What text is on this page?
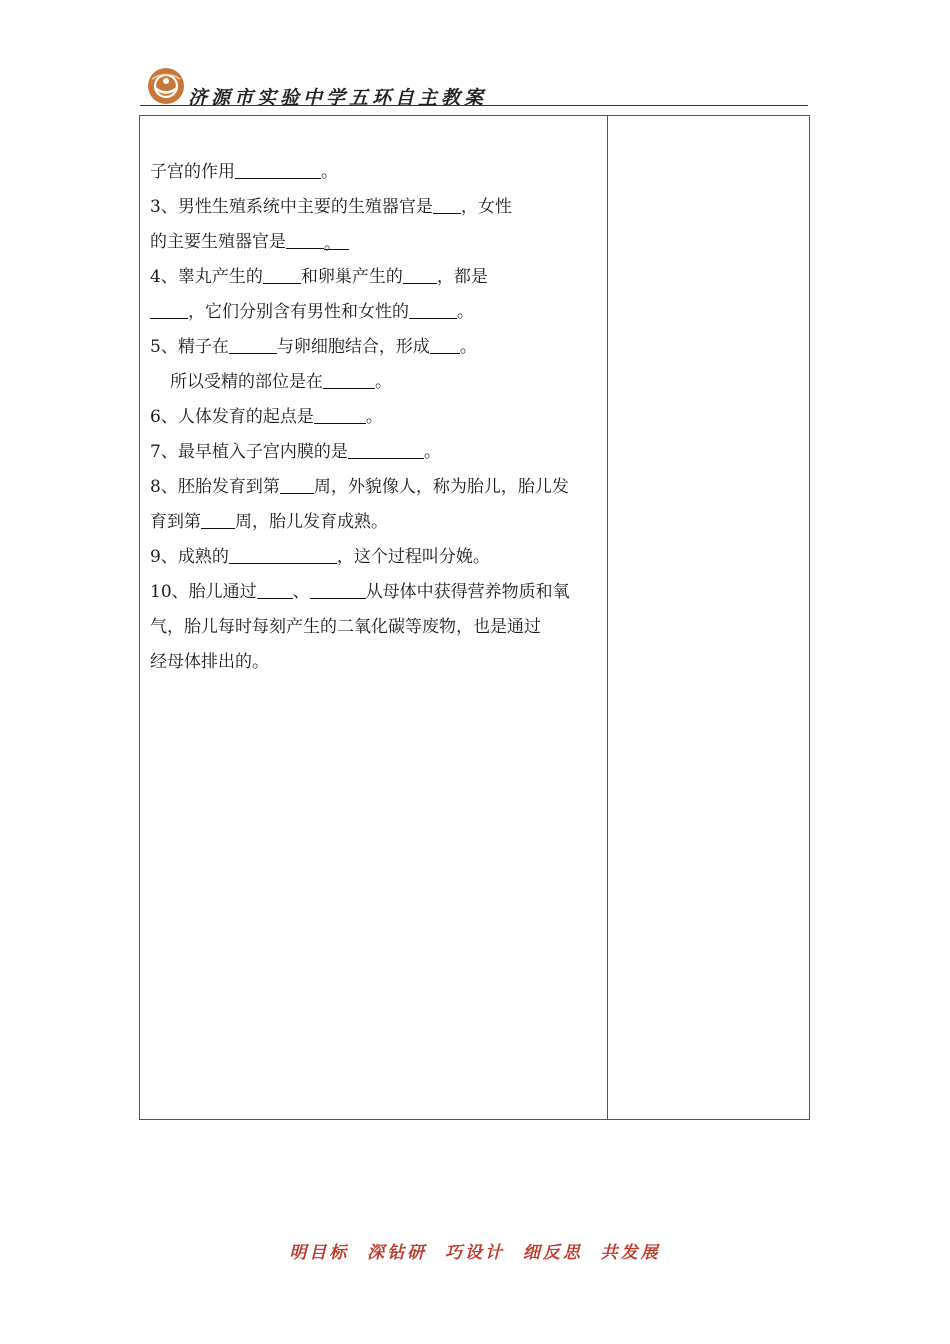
济源市实验中学五环自主教案
子宫的作用	。
3、男性生殖系统中主要的生殖器官是 ，女性
的主要生殖器官是 。
4、睾丸产生的 和卵巢产生的 ，都是
，它们分别含有男性和女性的	。
5、精子在	与卵细胞结合，形成 。
所以受精的部位是在	。
6、人体发育的起点是	。
7、最早植入子宫内膜的是	。
8、胚胎发育到第 周，外貌像人，称为胎儿，胎儿发
育到第 周，胎儿发育成熟。
9、成熟的	，这个过程叫分娩。
10、胎儿通过 、	从母体中获得营养物质和氧
气，胎儿每时每刻产生的二氧化碳等废物，也是通过
经母体排出的。
明目标  深钻研  巧设计  细反思  共发展
